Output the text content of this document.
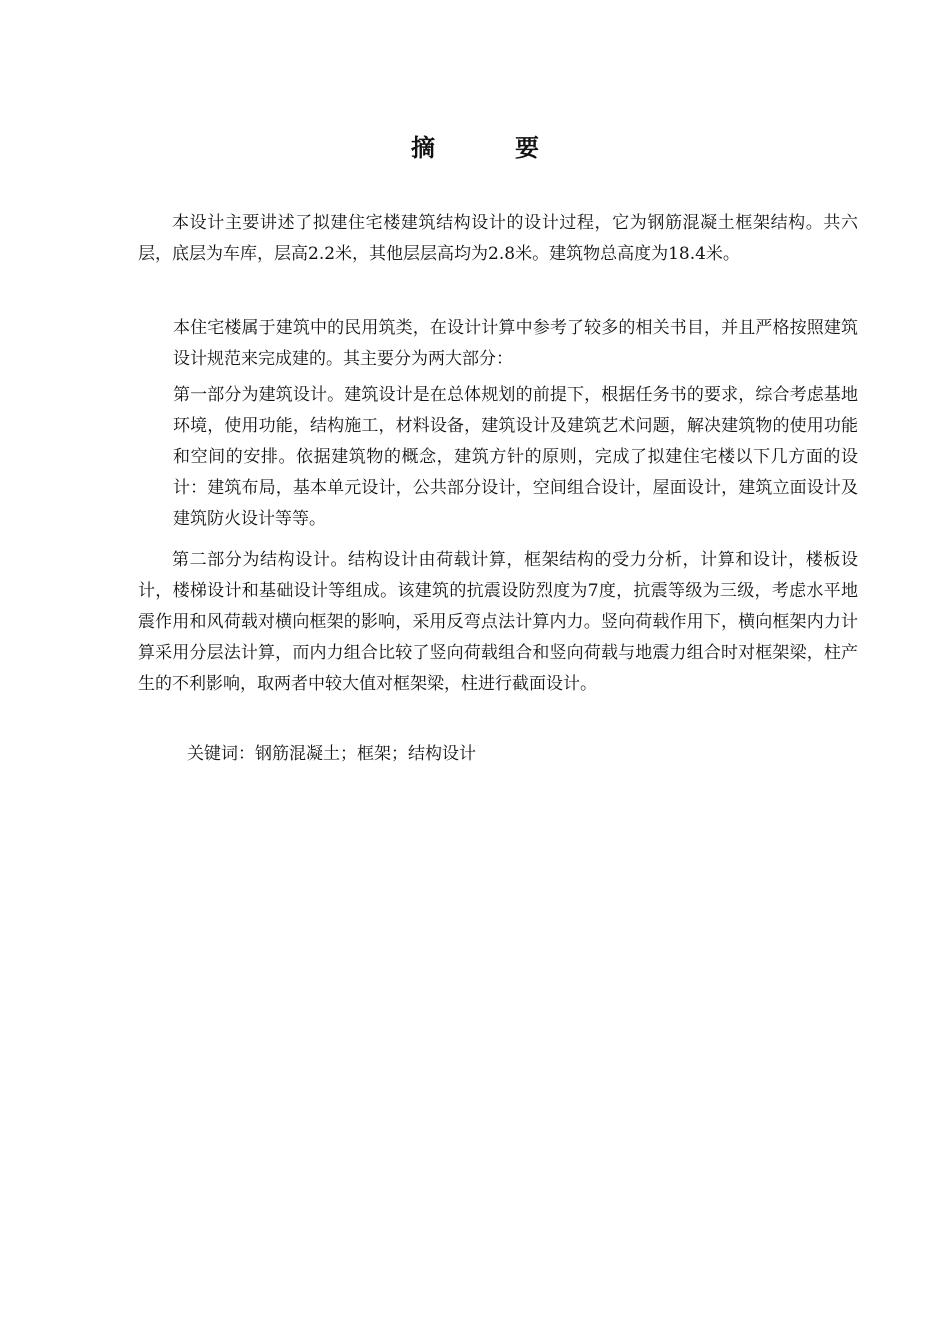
摘　要

本设计主要讲述了拟建住宅楼建筑结构设计的设计过程，它为钢筋混凝土框架结构。共六层，底层为车库，层高2.2米，其他层层高均为2.8米。建筑物总高度为18.4米。

本住宅楼属于建筑中的民用筑类，在设计计算中参考了较多的相关书目，并且严格按照建筑设计规范来完成建的。其主要分为两大部分：

第一部分为建筑设计。建筑设计是在总体规划的前提下，根据任务书的要求，综合考虑基地环境，使用功能，结构施工，材料设备，建筑设计及建筑艺术问题，解决建筑物的使用功能和空间的安排。依据建筑物的概念，建筑方针的原则，完成了拟建住宅楼以下几方面的设计：建筑布局，基本单元设计，公共部分设计，空间组合设计，屋面设计，建筑立面设计及建筑防火设计等等。

第二部分为结构设计。结构设计由荷载计算，框架结构的受力分析，计算和设计，楼板设计，楼梯设计和基础设计等组成。该建筑的抗震设防烈度为7度，抗震等级为三级，考虑水平地震作用和风荷载对横向框架的影响，采用反弯点法计算内力。竖向荷载作用下，横向框架内力计算采用分层法计算，而内力组合比较了竖向荷载组合和竖向荷载与地震力组合时对框架梁，柱产生的不利影响，取两者中较大值对框架梁，柱进行截面设计。

关键词：钢筋混凝土；框架；结构设计
